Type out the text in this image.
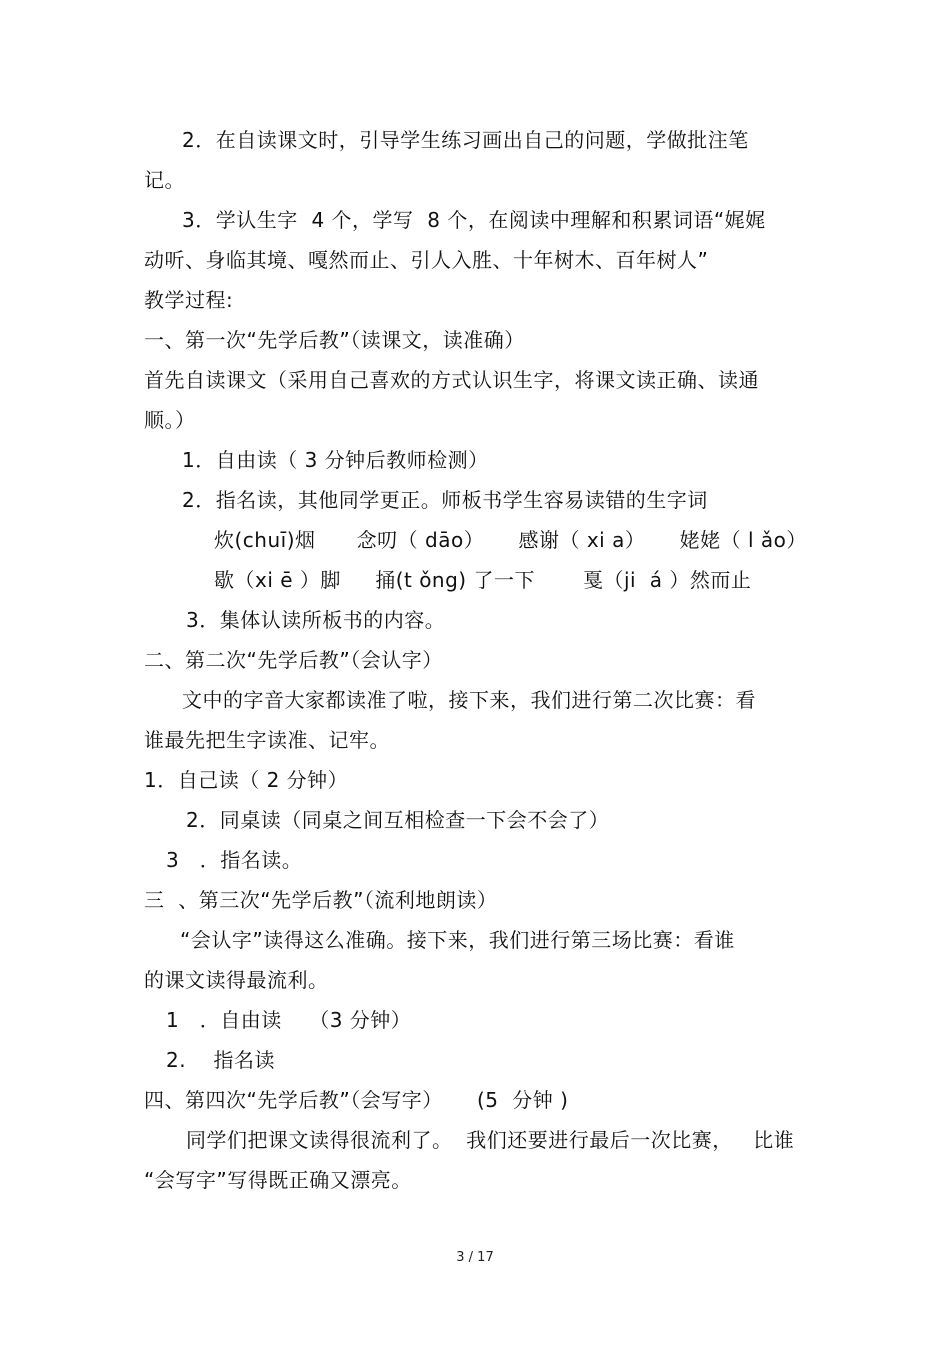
2．在自读课文时，引导学生练习画出自己的问题，学做批注笔
记。
3．学认生字  4 个，学写  8 个，在阅读中理解和积累词语“娓娓
动听、身临其境、嘎然而止、引人入胜、十年树木、百年树人”
教学过程:
一、第一次“先学后教”（读课文，读准确）
首先自读课文（采用自己喜欢的方式认识生字，将课文读正确、读通
顺。）
1．自由读（ 3 分钟后教师检测）
2．指名读，其他同学更正。师板书学生容易读错的生字词
炊(chuī)烟      念叨（ dāo）     感谢（ xi a）     姥姥（ l ǎo）
歇（xi ē ）脚     捅(t ǒng) 了一下       戛（ji  á ）然而止
3．集体认读所板书的内容。
二、第二次“先学后教”（会认字）
文中的字音大家都读准了啦，接下来，我们进行第二次比赛：看
谁最先把生字读准、记牢。
1．自己读（ 2 分钟）
2．同桌读（同桌之间互相检查一下会不会了）
3   ．指名读。
三  、第三次“先学后教”（流利地朗读）
“会认字”读得这么准确。接下来，我们进行第三场比赛：看谁
的课文读得最流利。
1   ．自由读    （3 分钟）
2.    指名读
四、第四次“先学后教”（会写字）     (5  分钟 )
同学们把课文读得很流利了。  我们还要进行最后一次比赛，   比谁
“会写字”写得既正确又漂亮。
3 / 17
